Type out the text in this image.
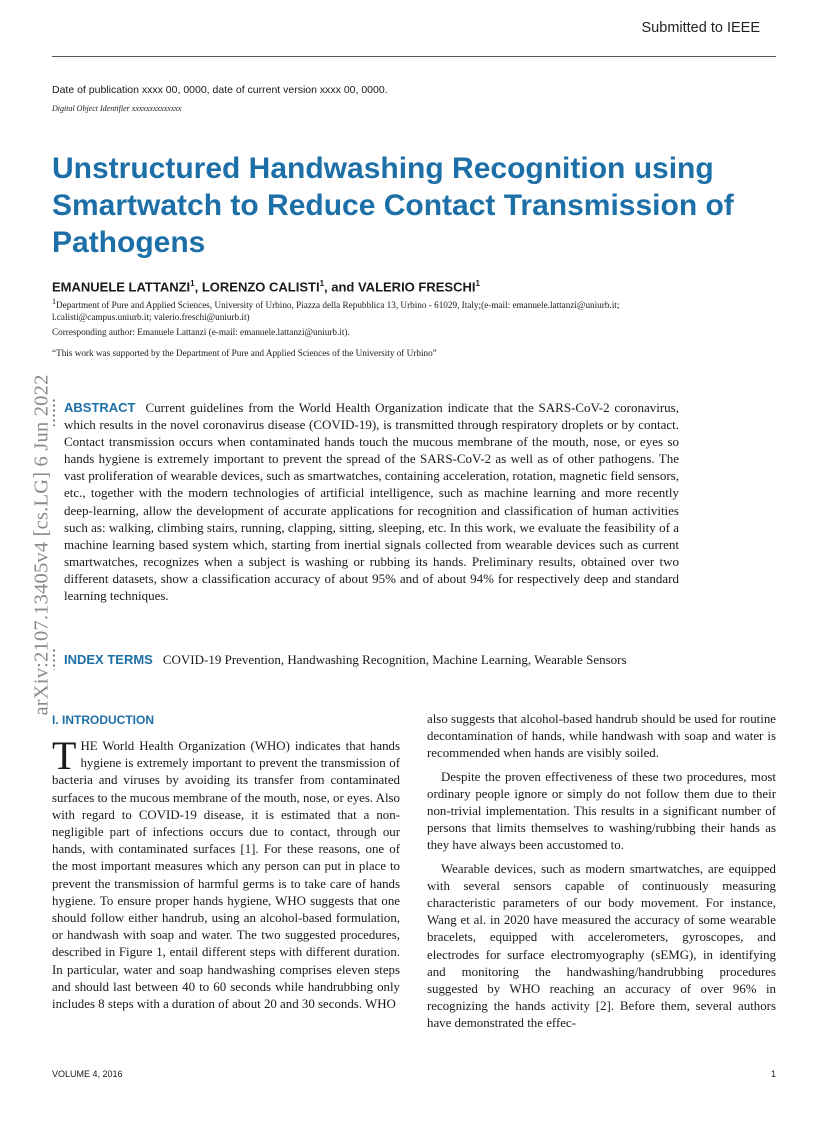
Submitted to IEEE
Date of publication xxxx 00, 0000, date of current version xxxx 00, 0000.
Digital Object Identifier xxxxxxxxxxxxxx
Unstructured Handwashing Recognition using Smartwatch to Reduce Contact Transmission of Pathogens
EMANUELE LATTANZI$^1$, LORENZO CALISTI$^1$, and VALERIO FRESCHI$^1$
$^1$Department of Pure and Applied Sciences, University of Urbino, Piazza della Repubblica 13, Urbino - 61029, Italy;(e-mail: emanuele.lattanzi@uniurb.it; l.calisti@campus.uniurb.it; valerio.freschi@uniurb.it)
Corresponding author: Emanuele Lattanzi (e-mail: emanuele.lattanzi@uniurb.it).
“This work was supported by the Department of Pure and Applied Sciences of the University of Urbino”
arXiv:2107.13405v4 [cs.LG] 6 Jun 2022 ABSTRACT Current guidelines from the World Health Organization indicate that the SARS-CoV-2 coronavirus, which results in the novel coronavirus disease (COVID-19), is transmitted through respiratory droplets or by contact. Contact transmission occurs when contaminated hands touch the mucous membrane of the mouth, nose, or eyes so hands hygiene is extremely important to prevent the spread of the SARS-CoV-2 as well as of other pathogens. The vast proliferation of wearable devices, such as smartwatches, containing acceleration, rotation, magnetic field sensors, etc., together with the modern technologies of artificial intelligence, such as machine learning and more recently deep-learning, allow the development of accurate applications for recognition and classification of human activities such as: walking, climbing stairs, running, clapping, sitting, sleeping, etc. In this work, we evaluate the feasibility of a machine learning based system which, starting from inertial signals collected from wearable devices such as current smartwatches, recognizes when a subject is washing or rubbing its hands. Preliminary results, obtained over two different datasets, show a classification accuracy of about 95% and of about 94% for respectively deep and standard learning techniques.
INDEX TERMS COVID-19 Prevention, Handwashing Recognition, Machine Learning, Wearable Sensors
I. INTRODUCTION

THE World Health Organization (WHO) indicates that hands hygiene is extremely important to prevent the transmission of bacteria and viruses by avoiding its transfer from contaminated surfaces to the mucous membrane of the mouth, nose, or eyes. Also with regard to COVID-19 disease, it is estimated that a non-negligible part of infections occurs due to contact, through our hands, with contaminated surfaces [1]. For these reasons, one of the most important measures which any person can put in place to prevent the transmission of harmful germs is to take care of hands hygiene. To ensure proper hands hygiene, WHO suggests that one should follow either handrub, using an alcohol-based formulation, or handwash with soap and water. The two suggested procedures, described in Figure 1, entail different steps with different duration. In particular, water and soap handwashing comprises eleven steps and should last between 40 to 60 seconds while handrubbing only includes 8 steps with a duration of about 20 and 30 seconds. WHO

also suggests that alcohol-based handrub should be used for routine decontamination of hands, while handwash with soap and water is recommended when hands are visibly soiled.

Despite the proven effectiveness of these two procedures, most ordinary people ignore or simply do not follow them due to their non-trivial implementation. This results in a significant number of persons that limits themselves to washing/rubbing their hands as they have always been accustomed to.

Wearable devices, such as modern smartwatches, are equipped with several sensors capable of continuously measuring characteristic parameters of our body movement. For instance, Wang et al. in 2020 have measured the accuracy of some wearable bracelets, equipped with accelerometers, gyroscopes, and electrodes for surface electromyography (sEMG), in identifying and monitoring the handwashing/handrubbing procedures suggested by WHO reaching an accuracy of over 96% in recognizing the hands activity [2]. Before them, several authors have demonstrated the effec-

VOLUME 4, 2016	1
